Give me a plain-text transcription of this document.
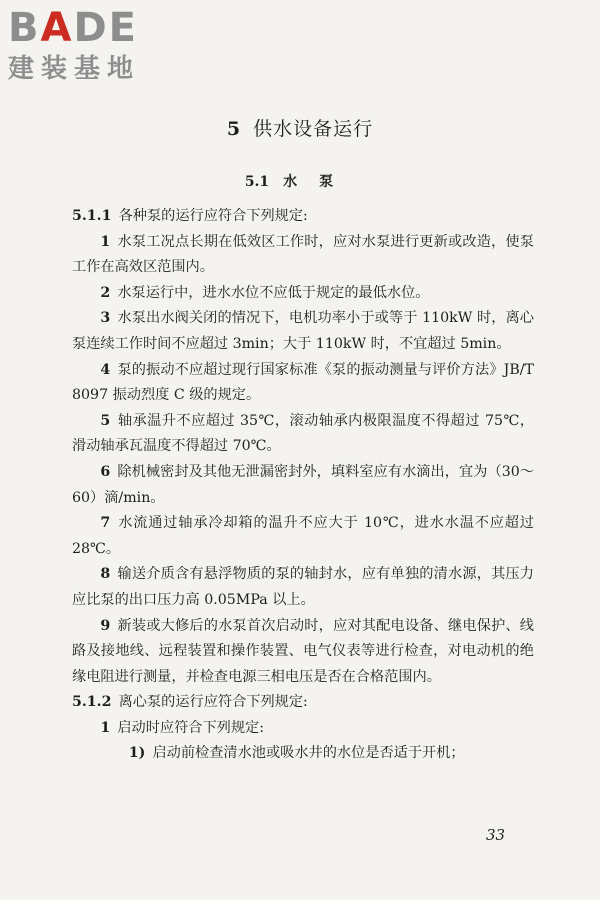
BADE
建装基地
5 供水设备运行
5.1 水泵

5.1.1  各种泵的运行应符合下列规定:

1  水泵工况点长期在低效区工作时，应对水泵进行更新或改造，使泵工作在高效区范围内。

2  水泵运行中，进水水位不应低于规定的最低水位。

3  水泵出水阀关闭的情况下，电机功率小于或等于 110kW 时，离心泵连续工作时间不应超过 3min；大于 110kW 时，不宜超过 5min。

4  泵的振动不应超过现行国家标准《泵的振动测量与评价方法》JB/T 8097 振动烈度 C 级的规定。

5  轴承温升不应超过 35℃，滚动轴承内极限温度不得超过 75℃，滑动轴承瓦温度不得超过 70℃。

6  除机械密封及其他无泄漏密封外，填料室应有水滴出，宜为（30～60）滴/min。

7  水流通过轴承冷却箱的温升不应大于 10℃，进水水温不应超过 28℃。

8  输送介质含有悬浮物质的泵的轴封水，应有单独的清水源，其压力应比泵的出口压力高 0.05MPa 以上。

9  新装或大修后的水泵首次启动时，应对其配电设备、继电保护、线路及接地线、远程装置和操作装置、电气仪表等进行检查，对电动机的绝缘电阻进行测量，并检查电源三相电压是否在合格范围内。

5.1.2  离心泵的运行应符合下列规定:

1  启动时应符合下列规定:

1)  启动前检查清水池或吸水井的水位是否适于开机；

33
